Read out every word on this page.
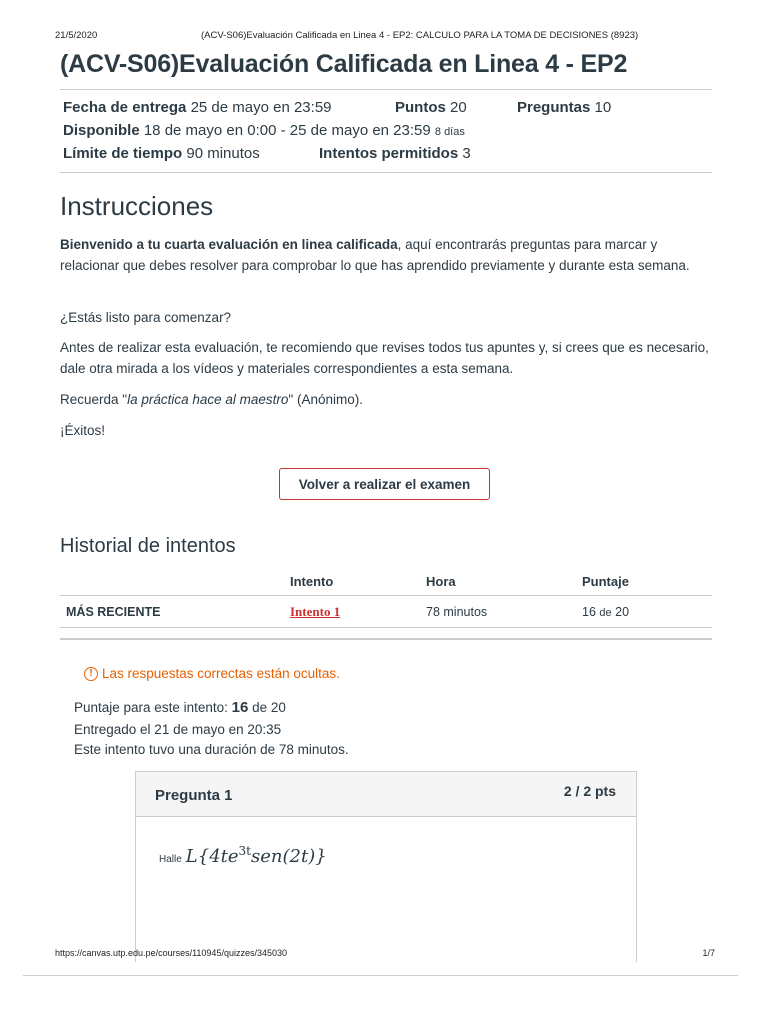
21/5/2020	(ACV-S06)Evaluación Calificada en Linea 4 - EP2: CALCULO PARA LA TOMA DE DECISIONES (8923)
(ACV-S06)Evaluación Calificada en Linea 4 - EP2
Fecha de entrega 25 de mayo en 23:59	Puntos 20	Preguntas 10
Disponible 18 de mayo en 0:00 - 25 de mayo en 23:59 8 días
Límite de tiempo 90 minutos	Intentos permitidos 3
Instrucciones

Bienvenido a tu cuarta evaluación en linea calificada, aquí encontrarás preguntas para marcar y relacionar que debes resolver para comprobar lo que has aprendido previamente y durante esta semana.

¿Estás listo para comenzar?

Antes de realizar esta evaluación, te recomiendo que revises todos tus apuntes y, si crees que es necesario, dale otra mirada a los vídeos y materiales correspondientes a esta semana.

Recuerda "la práctica hace al maestro" (Anónimo).

¡Éxitos!

Volver a realizar el examen
Historial de intentos
	Intento	Hora	Puntaje
MÁS RECIENTE	Intento 1	78 minutos	16 de 20
! Las respuestas correctas están ocultas.
Puntaje para este intento: 16 de 20
Entregado el 21 de mayo en 20:35
Este intento tuvo una duración de 78 minutos.
Pregunta 1	2 / 2 pts
Halle $L\{4te^{3t}sen(2t)\}$
https://canvas.utp.edu.pe/courses/110945/quizzes/345030	1/7
